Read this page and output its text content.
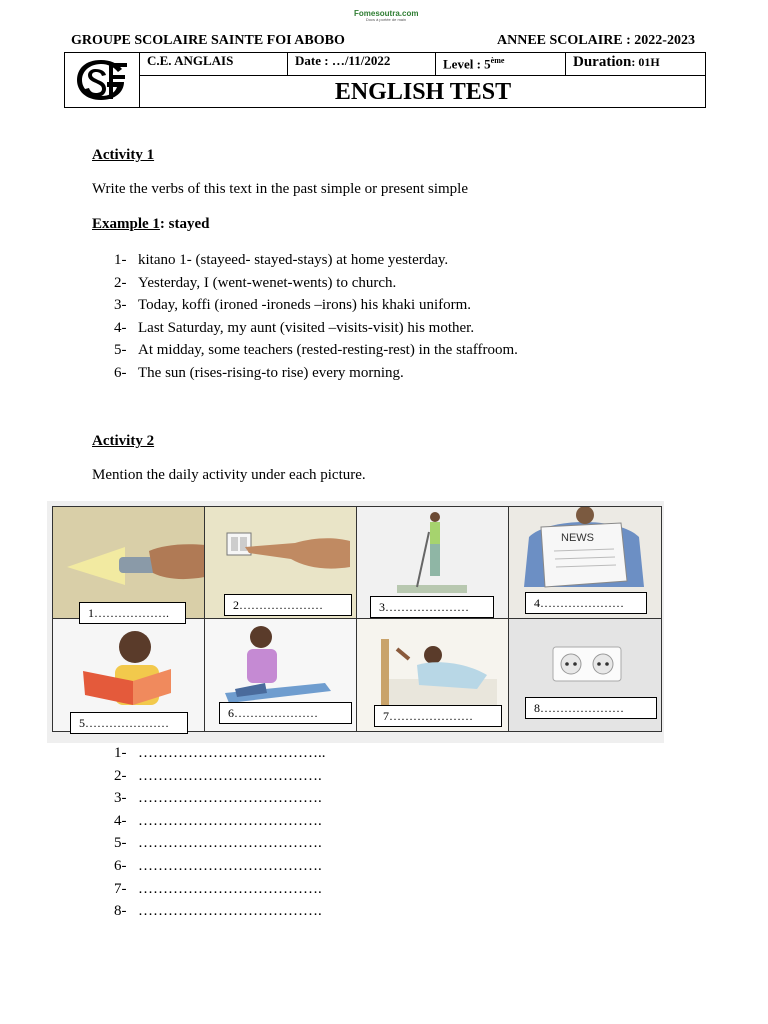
Fomesoutra.com
Docs à portée de main
GROUPE SCOLAIRE SAINTE FOI ABOBO	ANNEE SCOLAIRE : 2022-2023
C.E. ANGLAIS	Date : …/11/2022	Level : 5ème	Duration: 01H
ENGLISH TEST
Activity 1
Write the verbs of this text in the past simple or present simple
Example 1: stayed
1- kitano 1- (stayeed- stayed-stays) at home yesterday.
2- Yesterday, I (went-wenet-wents) to church.
3- Today, koffi (ironed -ironeds –irons) his khaki uniform.
4- Last Saturday, my aunt (visited –visits-visit) his mother.
5- At midday, some teachers (rested-resting-rest) in the staffroom.
6- The sun (rises-rising-to rise) every morning.
Activity 2
Mention the daily activity under each picture.
NEWS
1……………….
2…………………	3…………………	4…………………
5…………………
6…………………	7…………………
8…………………
1- ………………………………..
2- ……………………………….
3- ……………………………….
4- ……………………………….
5- ……………………………….
6- ……………………………….
7- ……………………………….
8- ……………………………….
